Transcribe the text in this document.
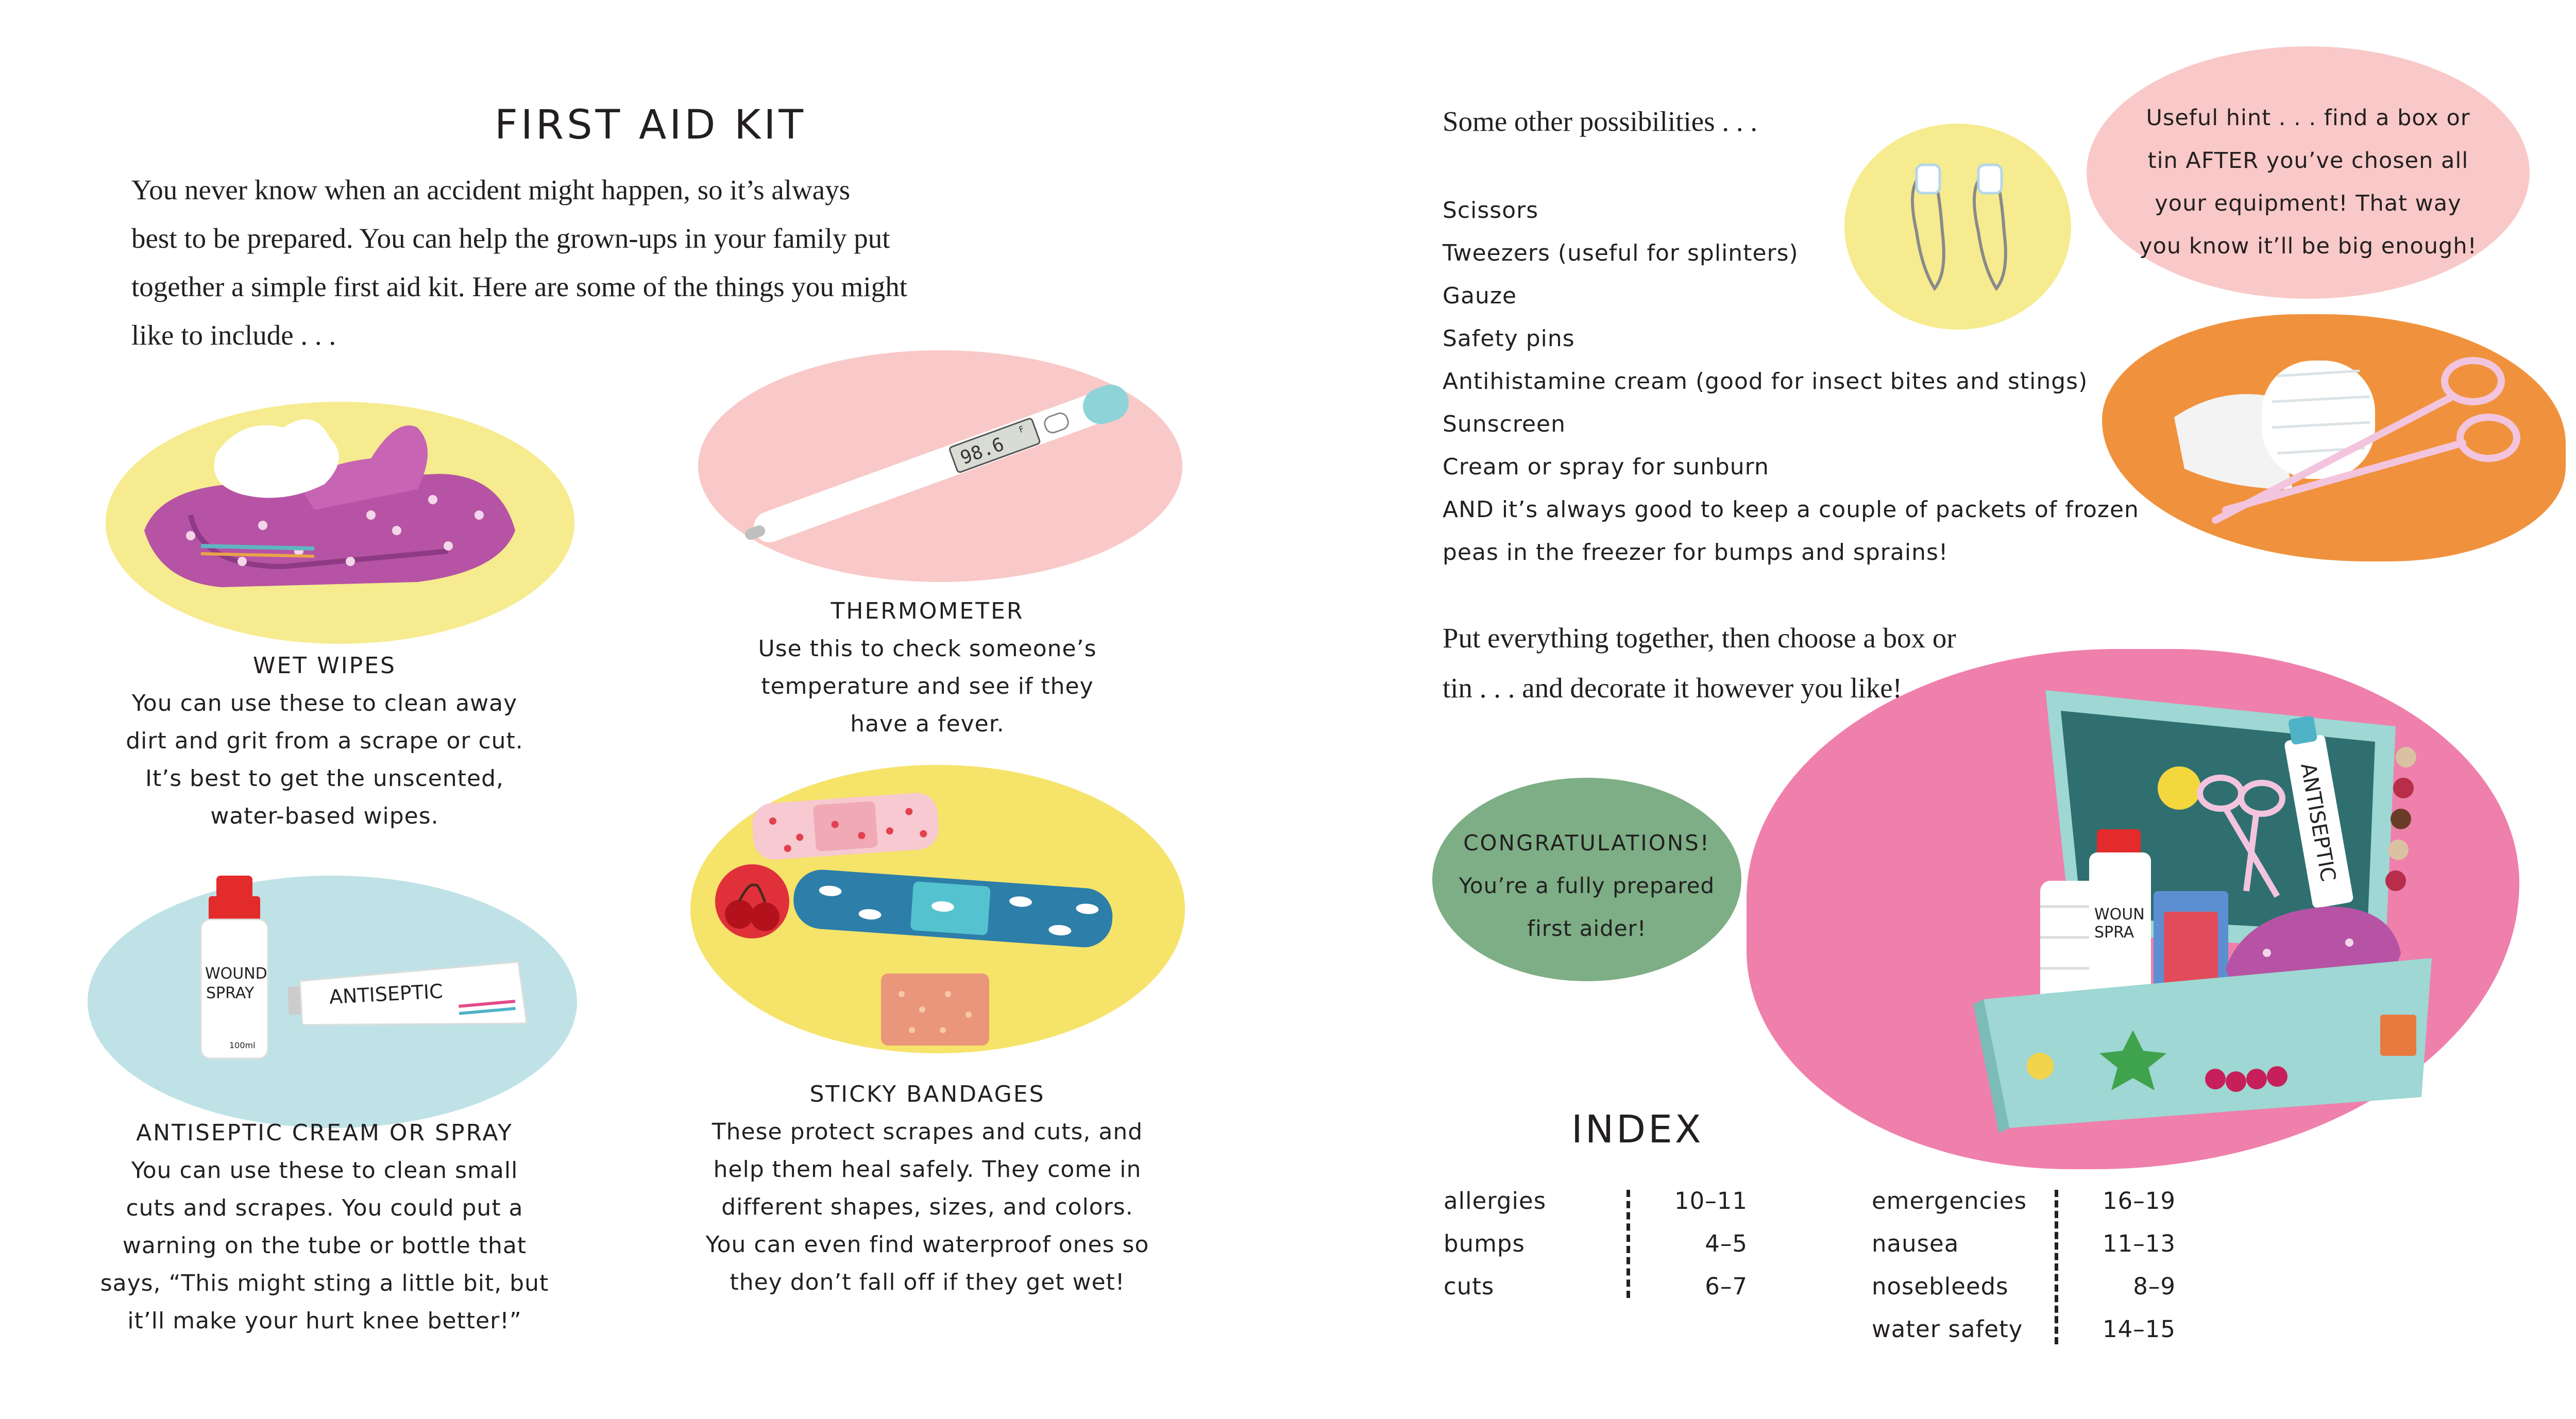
FIRST AID KIT
You never know when an accident might happen, so it’s always
best to be prepared. You can help the grown-ups in your family put
together a simple first aid kit. Here are some of the things you might
like to include . . .
WET WIPES
You can use these to clean away
dirt and grit from a scrape or cut.
It’s best to get the unscented,
water-based wipes.
98.6
F
THERMOMETER
Use this to check someone’s
temperature and see if they
have a fever.
STICKY BANDAGES
These protect scrapes and cuts, and
help them heal safely. They come in
different shapes, sizes, and colors.
You can even find waterproof ones so
they don’t fall off if they get wet!
WOUND
SPRAY
100ml
ANTISEPTIC
ANTISEPTIC CREAM OR SPRAY
You can use these to clean small
cuts and scrapes. You could put a
warning on the tube or bottle that
says, “This might sting a little bit, but
it’ll make your hurt knee better!”
Some other possibilities . . .
Scissors
Tweezers (useful for splinters)
Gauze
Safety pins
Antihistamine cream (good for insect bites and stings)
Sunscreen
Cream or spray for sunburn
AND it’s always good to keep a couple of packets of frozen
peas in the freezer for bumps and sprains!
Useful hint . . . find a box or
tin AFTER you’ve chosen all
your equipment! That way
you know it’ll be big enough!
Put everything together, then choose a box or
tin . . . and decorate it however you like!
CONGRATULATIONS!
You’re a fully prepared
first aider!
ANTISEPTIC
WOUN
SPRA
INDEX
allergies	10–11
bumps	4–5
cuts	6–7
emergencies	16–19
nausea	11–13
nosebleeds	8–9
water safety	14–15
